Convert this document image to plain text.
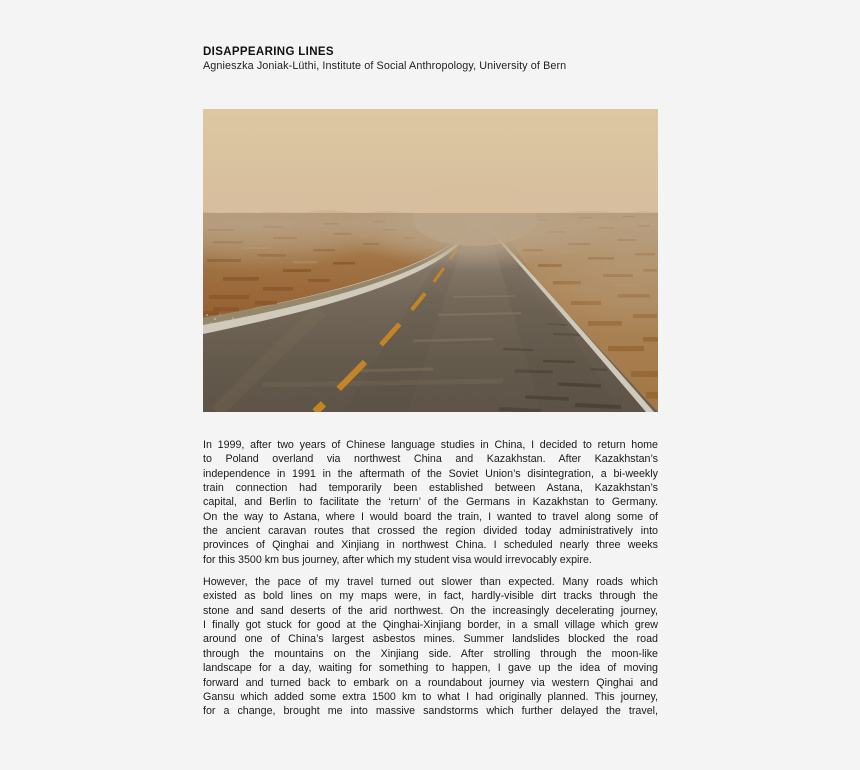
DISAPPEARING LINES
Agnieszka Joniak-Lüthi, Institute of Social Anthropology, University of Bern
In 1999, after two years of Chinese language studies in China, I decided to return home
to Poland overland via northwest China and Kazakhstan. After Kazakhstan’s
independence in 1991 in the aftermath of the Soviet Union’s disintegration, a bi-weekly
train connection had temporarily been established between Astana, Kazakhstan’s
capital, and Berlin to facilitate the ‘return’ of the Germans in Kazakhstan to Germany.
On the way to Astana, where I would board the train, I wanted to travel along some of
the ancient caravan routes that crossed the region divided today administratively into
provinces of Qinghai and Xinjiang in northwest China. I scheduled nearly three weeks
for this 3500 km bus journey, after which my student visa would irrevocably expire.
However, the pace of my travel turned out slower than expected. Many roads which
existed as bold lines on my maps were, in fact, hardly-visible dirt tracks through the
stone and sand deserts of the arid northwest. On the increasingly decelerating journey,
I finally got stuck for good at the Qinghai-Xinjiang border, in a small village which grew
around one of China’s largest asbestos mines. Summer landslides blocked the road
through the mountains on the Xinjiang side. After strolling through the moon-like
landscape for a day, waiting for something to happen, I gave up the idea of moving
forward and turned back to embark on a roundabout journey via western Qinghai and
Gansu which added some extra 1500 km to what I had originally planned. This journey,
for a change, brought me into massive sandstorms which further delayed the travel,
